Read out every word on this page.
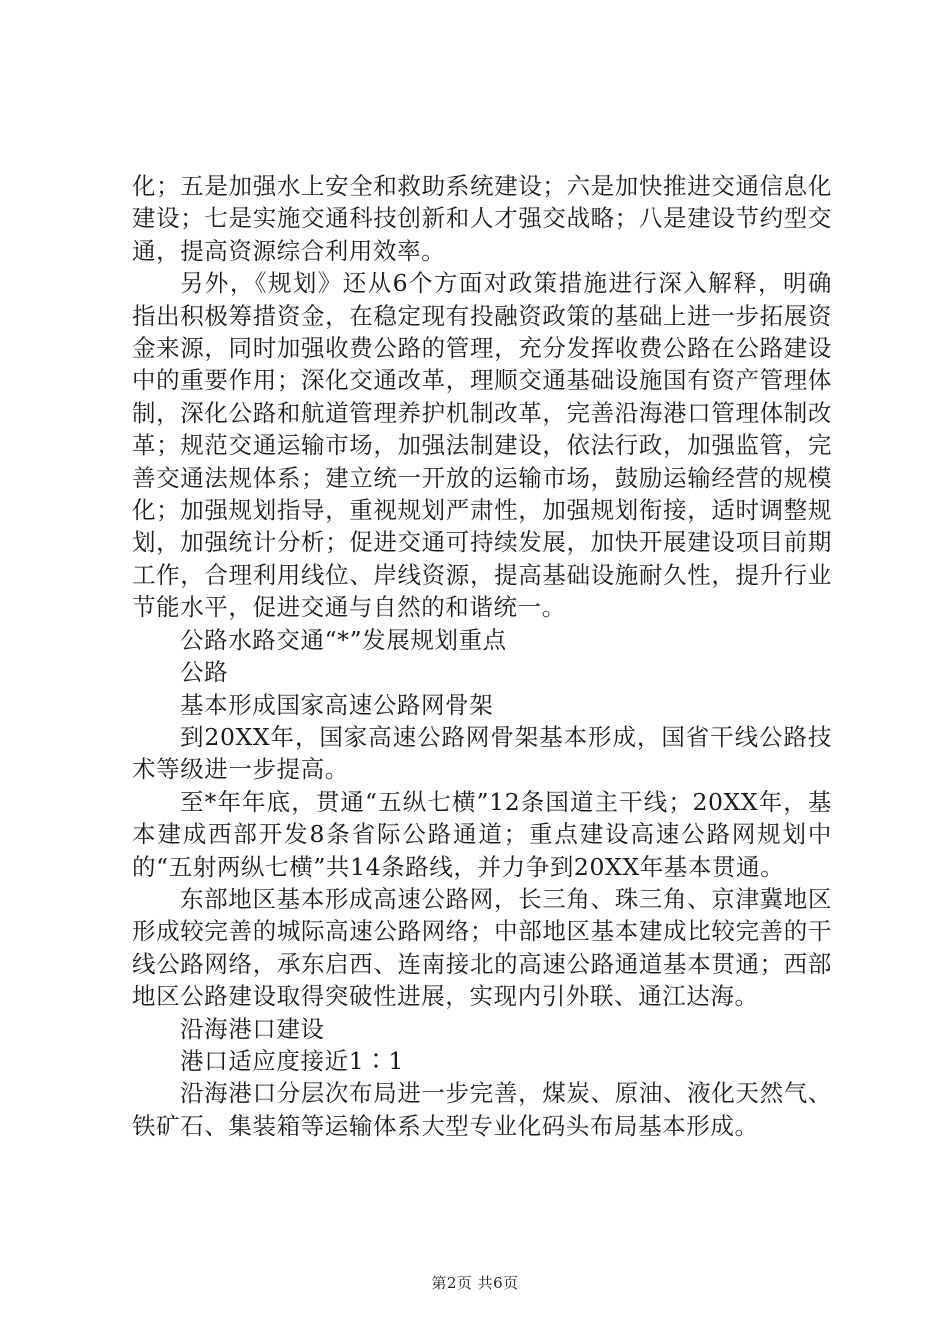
化；五是加强水上安全和救助系统建设；六是加快推进交通信息化建设；七是实施交通科技创新和人才强交战略；八是建设节约型交通，提高资源综合利用效率。

另外，《规划》还从6个方面对政策措施进行深入解释，明确指出积极筹措资金，在稳定现有投融资政策的基础上进一步拓展资金来源，同时加强收费公路的管理，充分发挥收费公路在公路建设中的重要作用；深化交通改革，理顺交通基础设施国有资产管理体制，深化公路和航道管理养护机制改革，完善沿海港口管理体制改革；规范交通运输市场，加强法制建设，依法行政，加强监管，完善交通法规体系；建立统一开放的运输市场，鼓励运输经营的规模化；加强规划指导，重视规划严肃性，加强规划衔接，适时调整规划，加强统计分析；促进交通可持续发展，加快开展建设项目前期工作，合理利用线位、岸线资源，提高基础设施耐久性，提升行业节能水平，促进交通与自然的和谐统一。

公路水路交通“*”发展规划重点

公路

基本形成国家高速公路网骨架

到20XX年，国家高速公路网骨架基本形成，国省干线公路技术等级进一步提高。

至*年年底，贯通“五纵七横”12条国道主干线；20XX年，基本建成西部开发8条省际公路通道；重点建设高速公路网规划中的“五射两纵七横”共14条路线，并力争到20XX年基本贯通。

东部地区基本形成高速公路网，长三角、珠三角、京津冀地区形成较完善的城际高速公路网络；中部地区基本建成比较完善的干线公路网络，承东启西、连南接北的高速公路通道基本贯通；西部地区公路建设取得突破性进展，实现内引外联、通江达海。

沿海港口建设

港口适应度接近1∶1

沿海港口分层次布局进一步完善，煤炭、原油、液化天然气、铁矿石、集装箱等运输体系大型专业化码头布局基本形成。

第2页 共6页
